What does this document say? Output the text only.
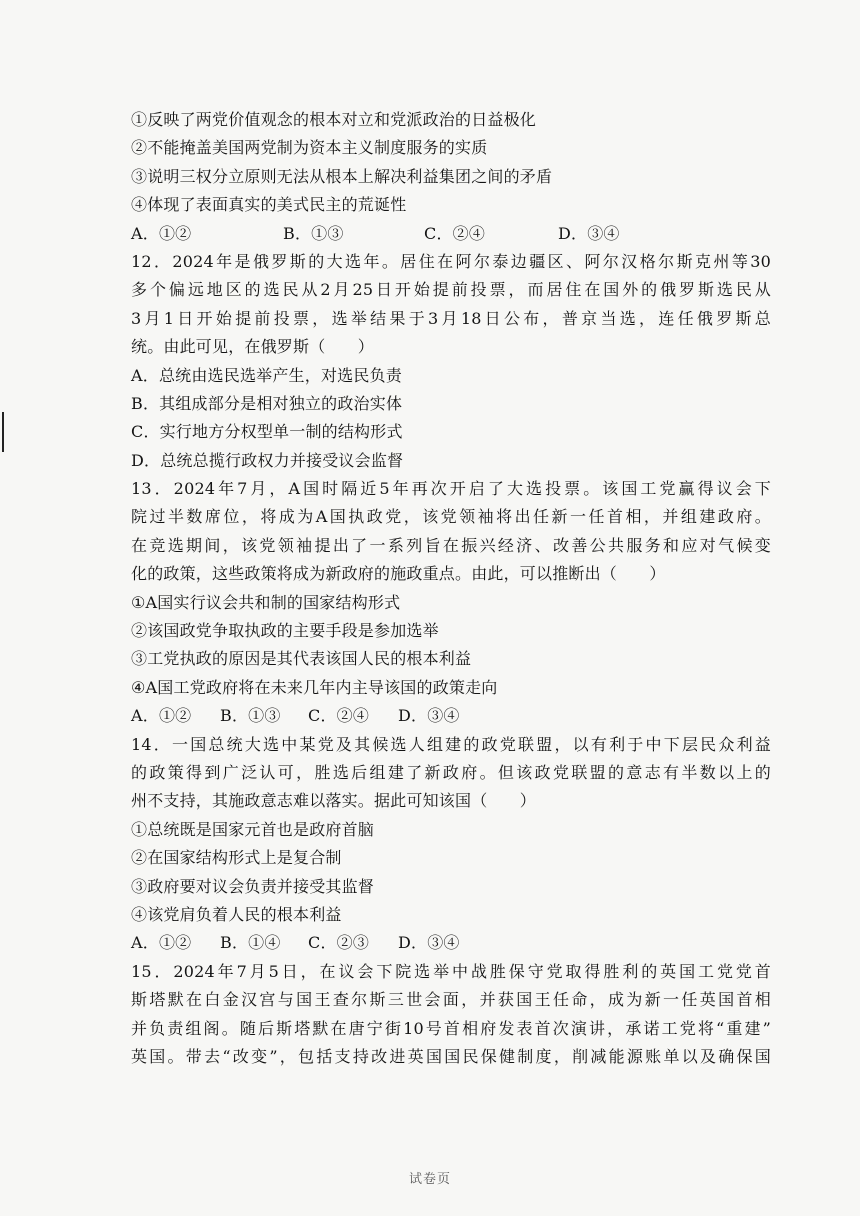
①反映了两党价值观念的根本对立和党派政治的日益极化
②不能掩盖美国两党制为资本主义制度服务的实质
③说明三权分立原则无法从根本上解决利益集团之间的矛盾
④体现了表面真实的美式民主的荒诞性
A．①②	B．①③	C．②④	D．③④
12．2024年是俄罗斯的大选年。居住在阿尔泰边疆区、阿尔汉格尔斯克州等30
多个偏远地区的选民从2月25日开始提前投票，而居住在国外的俄罗斯选民从
3月1日开始提前投票，选举结果于3月18日公布，普京当选，连任俄罗斯总
统。由此可见，在俄罗斯（　　）
A．总统由选民选举产生，对选民负责
B．其组成部分是相对独立的政治实体
C．实行地方分权型单一制的结构形式
D．总统总揽行政权力并接受议会监督
13．2024年7月，A国时隔近5年再次开启了大选投票。该国工党赢得议会下
院过半数席位，将成为A国执政党，该党领袖将出任新一任首相，并组建政府。
在竞选期间，该党领袖提出了一系列旨在振兴经济、改善公共服务和应对气候变
化的政策，这些政策将成为新政府的施政重点。由此，可以推断出（　　）
①A国实行议会共和制的国家结构形式
②该国政党争取执政的主要手段是参加选举
③工党执政的原因是其代表该国人民的根本利益
④A国工党政府将在未来几年内主导该国的政策走向
A．①②	B．①③	C．②④	D．③④
14．一国总统大选中某党及其候选人组建的政党联盟，以有利于中下层民众利益
的政策得到广泛认可，胜选后组建了新政府。但该政党联盟的意志有半数以上的
州不支持，其施政意志难以落实。据此可知该国（　　）
①总统既是国家元首也是政府首脑
②在国家结构形式上是复合制
③政府要对议会负责并接受其监督
④该党肩负着人民的根本利益
A．①②	B．①④	C．②③	D．③④
15．2024年7月5日，在议会下院选举中战胜保守党取得胜利的英国工党党首
斯塔默在白金汉宫与国王查尔斯三世会面，并获国王任命，成为新一任英国首相
并负责组阁。随后斯塔默在唐宁街10号首相府发表首次演讲，承诺工党将“重建”
英国。带去“改变”，包括支持改进英国国民保健制度，削减能源账单以及确保国
试卷页
